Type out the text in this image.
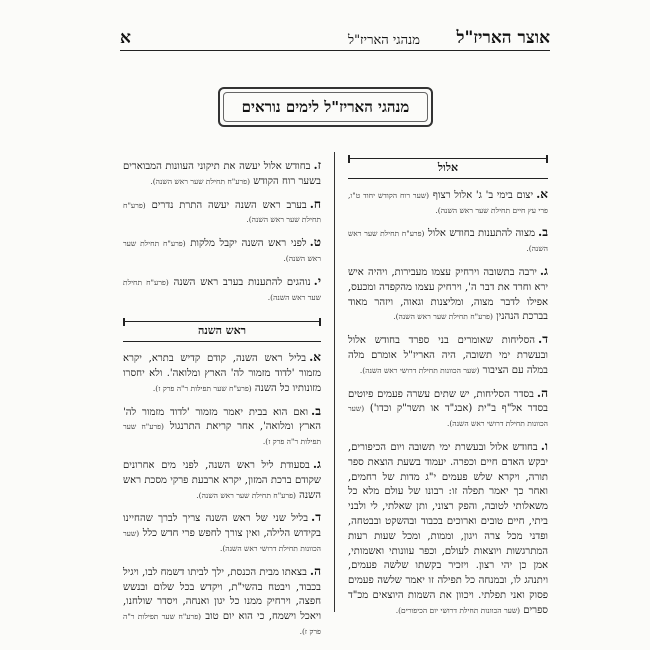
אוצר האריז"ל
מנהגי האריז"ל
א
מנהגי האריז"ל לימים נוראים
אלול
א.יצום בימי ב' ג' אלול רצוף (שער רוח הקודש יחוד ט"ו, פרי עץ חיים תחילת שער ראש השנה).
ב.מצוה להתענות בחודש אלול (פרע"ח תחילת שער ראש השנה).
ג.ירבה בתשובה וירחיק עצמו מעבירות, ויהיה איש ירא וחרד את דבר ה', וירחיק עצמו מהקפדה ומכעס, אפילו לדבר מצוה, ומליצנות וגאוה, ויזהר מאוד בברכת הנהנין (פרע"ח תחילת שער ראש השנה).
ד.הסליחות שאומרים בני ספרד בחודש אלול ובעשרת ימי תשובה, היה האריז"ל אומרם מלה במלה עם הציבור (שער הכוונות תחילת דרושי ראש השנה).
ה.בסדר הסליחות, יש שתים עשרה פעמים פיוטים בסדר אל"ף ב"ית (אבג"ד או תשר"ק וכדו') (שער הכוונות תחילת דרושי ראש השנה).
ו.בחודש אלול ובעשרת ימי תשובה ויום הכיפורים, יבקש האדם חיים וכפרה. יעמוד בשעת הוצאת ספר תורה, ויקרא שלש פעמים י"ג מדות של רחמים, ואחר כך יאמר תפלה זו: רבונו של עולם מלא כל משאלותי לטובה, והפק רצוני, ותן שאלתי, לי ולבני ביתי, חיים טובים וארוכים בכבוד ובהשקט ובבטחה, ופדני מכל צרה ויגון, וממות, ומכל שעות רעות המתרגשות ויוצאות לעולם, וכפר עוונותי ואשמותי, אמן כן יהי רצון. ויזכיר בקשתו שלשה פעמים, ויתנהג לו, ובמנחה כל תפילה זו יאמר שלשה פעמים פסוק ואני תפלתי. ויכוון את השמות היוצאים מכ"ד ספרים (שער הכוונות תחילת דרושי יום הכיפורים).
ז.בחודש אלול יעשה את תיקוני העוונות המבוארים בשער רוח הקודש (פרע"ח תחילת שער ראש השנה).
ח.בערב ראש השנה יעשה התרת נדרים (פרע"ח תחילת שער ראש השנה).
ט.לפני ראש השנה יקבל מלקות (פרע"ח תחילת שער ראש השנה).
י.נוהגים להתענות בערב ראש השנה (פרע"ח תחילת שער ראש השנה).
ראש השנה
א.בליל ראש השנה, קודם קדיש בתרא, יקרא מזמור 'לדוד מזמור לה' הארץ ומלואה'. ולא יחסרו מזונותיו כל השנה (פרע"ח שער תפילות ר"ה פרק ז).
ב.ואם הוא בבית יאמר מזמור 'לדוד מזמור לה' הארץ ומלואה', אחר קריאת התרנגול (פרע"ח שער תפילות ר"ה פרק ז).
ג.בסעודת ליל ראש השנה, לפני מים אחרונים שקודם ברכת המזון, יקרא ארבעת פרקי מסכת ראש השנה (פרע"ח תחילת שער ראש השנה).
ד.בליל שני של ראש השנה צריך לברך שהחיינו בקידוש הלילה, ואין צורך לחפש פרי חדש כלל (שער הכוונות תחילת דרושי ראש השנה).
ה.בצאתו מבית הכנסת, ילך לביתו דשמח לבו, ויגיל בכבוד, ויבטח בהשי"ת, ויקדש בכל שלום ובנשש חפצה, וירחיק ממנו כל יגון ואנחה, ויסדר שולחנו, ויאכל וישמח, כי הוא יום טוב (פרע"ח שער תפילות ר"ה פרק ז).
